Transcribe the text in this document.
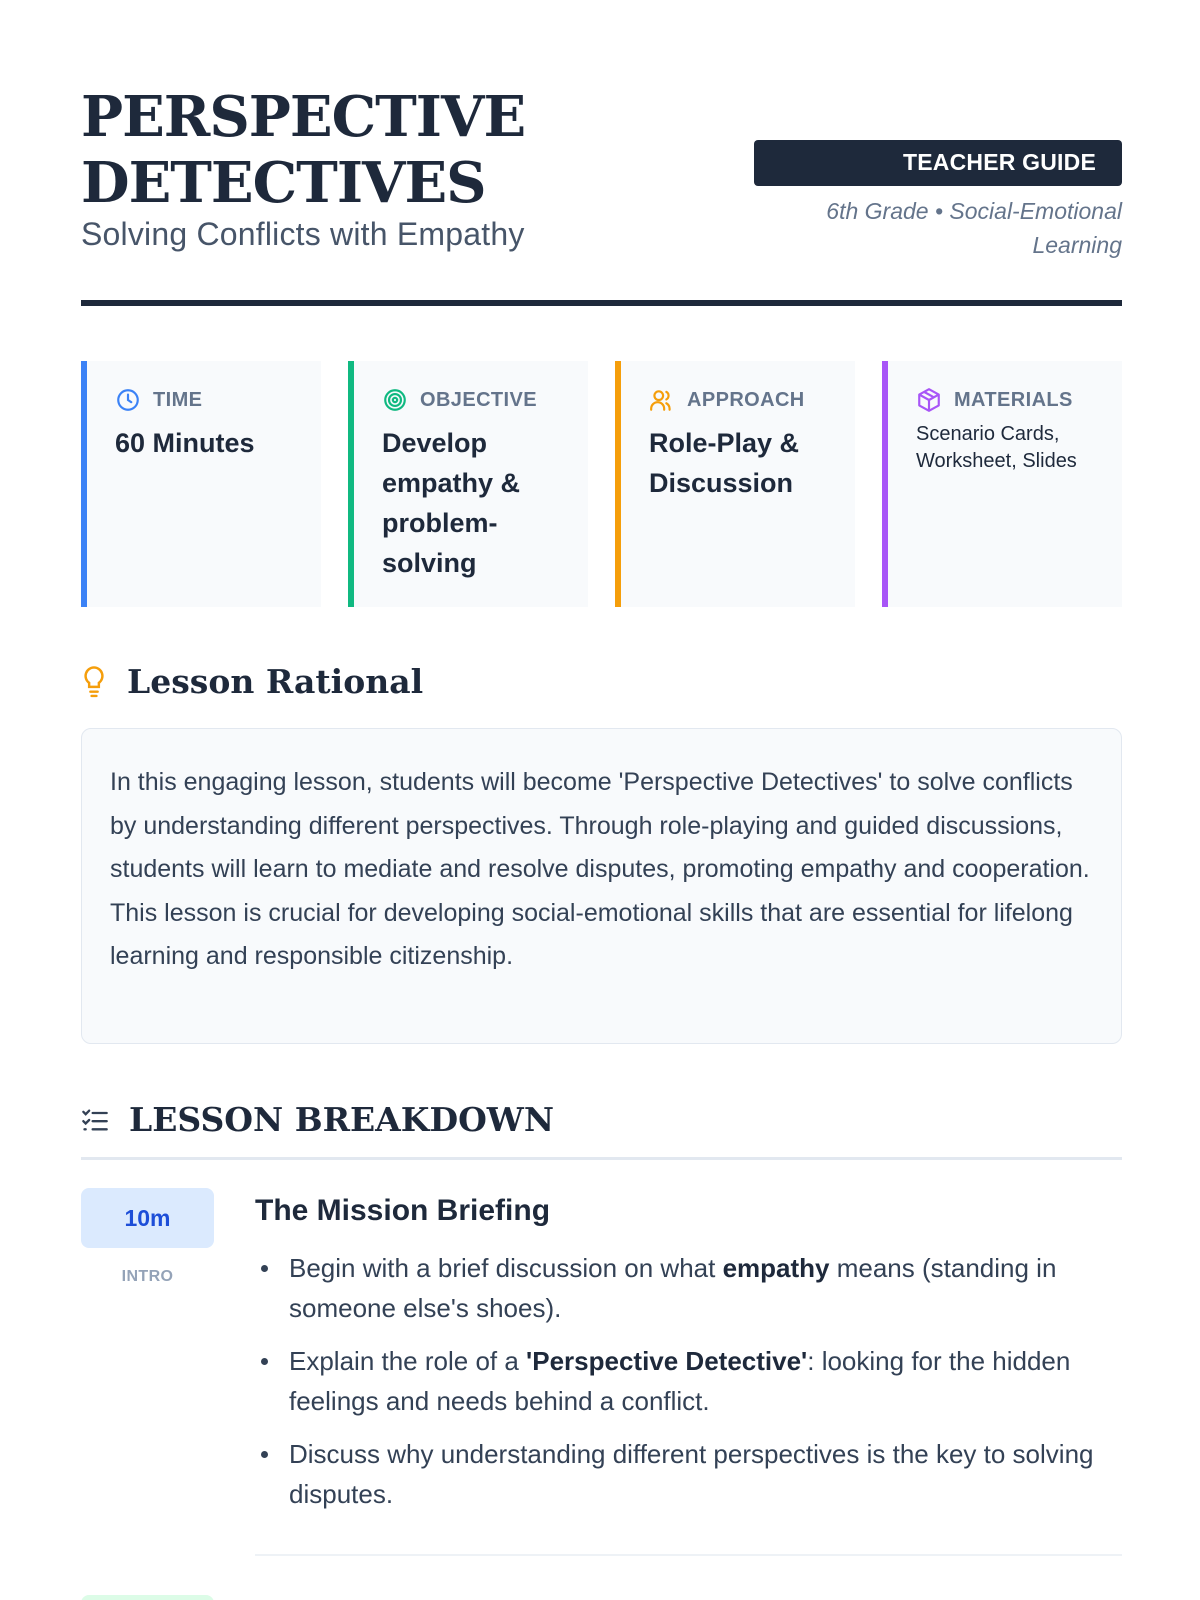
PERSPECTIVE
DETECTIVES
Solving Conflicts with Empathy
TEACHER GUIDE
6th Grade • Social-Emotional
Learning
TIME
60 Minutes
OBJECTIVE
Develop empathy & problem-solving
APPROACH
Role-Play & Discussion
MATERIALS
Scenario Cards, Worksheet, Slides
Lesson Rational

In this engaging lesson, students will become 'Perspective Detectives' to solve conflicts by understanding different perspectives. Through role-playing and guided discussions, students will learn to mediate and resolve disputes, promoting empathy and cooperation. This lesson is crucial for developing social-emotional skills that are essential for lifelong learning and responsible citizenship.

LESSON BREAKDOWN
10m
INTRO
The Mission Briefing
Begin with a brief discussion on what empathy means (standing in someone else's shoes).
Explain the role of a 'Perspective Detective': looking for the hidden feelings and needs behind a conflict.
Discuss why understanding different perspectives is the key to solving disputes.
